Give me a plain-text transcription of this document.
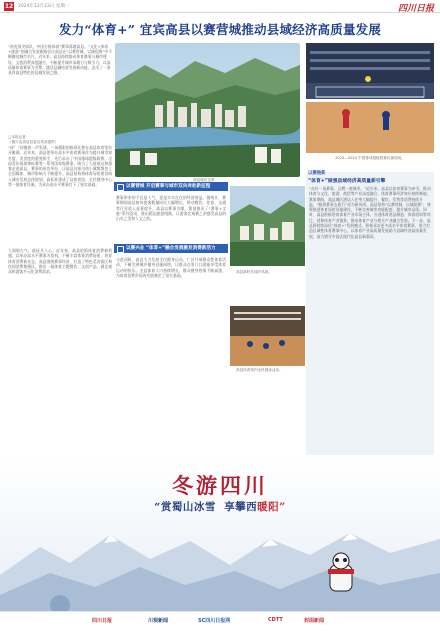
12 2024年12月23日 星期一	四川日报
发力“体育+” 宜宾高县以赛营城推动县域经济高质量发展
“南充顶尖球队、中国方排体育”赛事落地高县。“文化+体育+旅游”的融合发展新路径让高县在“以赛营城、以城促赛”中不断擦亮城市名片。近年来，高县持续推动体育赛事与城市建设、文旅消费深度融合，不断提升城市承载力与吸引力，以高质量体育赛事为引擎，激活县域经济发展新动能，走出了一条具有高县特色的县域发展之路。
□本报记者
（图片由高县县委宣传部提供）
高县城市全景
2023—2024 中国排球超级联赛比赛现场。
以赛链新
“体育+”做强县域经济高质量新引擎
“办好一场赛事，点燃一座城市。”近年来，高县以体育赛事为牵引，推动体育与文化、旅游、商贸等产业深度融合，体育赛事经济效应持续释放。赛事期间，高县城区酒店入住率大幅提升，餐饮、零售等消费持续升温，“跟着赛事去旅行”成为新风尚。高县坚持“以赛营城、以城促赛”，统筹推进体育场馆设施建设，不断完善城市功能配套，提升城市品质。同时，高县积极培育体育产业市场主体，引进体育用品制造、体育培训等项目，延伸体育产业链条，推动体育产业与相关产业融合发展。下一步，高县将持续深化“体育+”发展模式，积极承办更多高水平体育赛事，着力打造区域性体育赛事中心，以体育产业高质量发展助力县域经济高质量发展，奋力谱写中国式现代化高县新篇章。
以赛营城 开启赛事与城市双向奔赴新征程
“砰！”伴随着一声发球，一场精彩的排球比赛在高县体育馆拉开帷幕。近年来，高县把举办高水平体育赛事作为提升城市知名度、美誉度的重要抓手，先后承办了中国排球超级联赛、全国青年排球锦标赛等一系列国家级赛事，吸引了大批观众和游客走进高县。赛事的成功举办，让高县这座川南小城频频登上全国媒体，城市影响力不断提升。高县坚持将体育场馆建设纳入城市发展总体规划，高标准建成了县体育馆、全民健身中心等一批体育设施，为承办高水平赛事打下了坚实基础。
赛事带来的不仅是人气，更是实实在在的经济效益。据统计，赛事期间高县接待游客数量同比大幅增长，带动餐饮、住宿、交通等行业收入显著提升。高县以赛事为媒，策划推出了“赛事+文旅”系列活动，推出精品旅游线路，让游客在观赛之余感受高县的山水之美和人文之韵。
以赛兴业 “体育+”融合发展激发消费新活力
人间烟火气，最抚凡人心。近年来，高县抢抓体育消费新机遇，以举办高水平赛事为契机，不断丰富体育消费场景，培育体育消费新业态。高县围绕赛事经济，打造了特色美食街区和夜间消费集聚区，推出一批体育主题餐饮、文创产品，满足观众和游客多元化消费需求。
与此同时，高县大力发展全民健身运动，广泛开展群众性体育活动，不断完善城乡健身设施网络，让群众在家门口就能享受体育运动的快乐。全县体育人口持续增长，群众健身热情不断高涨，为体育消费市场的发展奠定了坚实基础。
高县新时代城乡风貌。
高县体育馆内全民健身活动。
冬游四川
“赏蜀山冰雪 享攀西暖阳”
四川日报	川观新闻	SC四川日报网	CDTT	封面新闻
